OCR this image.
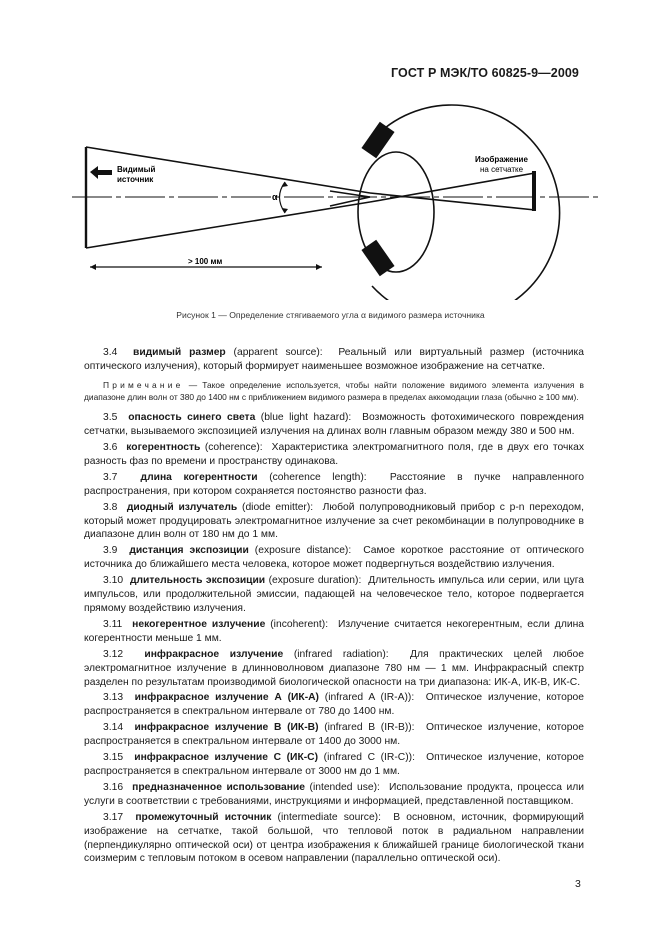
ГОСТ Р МЭК/ТО 60825-9—2009
Видимый
источник
Изображение
на сетчатке
α
> 100 мм
Рисунок 1 — Определение стягиваемого угла α видимого размера источника

3.4 видимый размер (apparent source): Реальный или виртуальный размер (источника оптического излучения), который формирует наименьшее возможное изображение на сетчатке.

Примечание — Такое определение используется, чтобы найти положение видимого элемента излучения в диапазоне длин волн от 380 до 1400 нм с приближением видимого размера в пределах аккомодации глаза (обычно ≥ 100 мм).

3.5 опасность синего света (blue light hazard): Возможность фотохимического повреждения сетчатки, вызываемого экспозицией излучения на длинах волн главным образом между 380 и 500 нм.

3.6 когерентность (coherence): Характеристика электромагнитного поля, где в двух его точках разность фаз по времени и пространству одинакова.

3.7 длина когерентности (coherence length): Расстояние в пучке направленного распространения, при котором сохраняется постоянство разности фаз.

3.8 диодный излучатель (diode emitter): Любой полупроводниковый прибор с p-n переходом, который может продуцировать электромагнитное излучение за счет рекомбинации в полупроводнике в диапазоне длин волн от 180 нм до 1 мм.

3.9 дистанция экспозиции (exposure distance): Самое короткое расстояние от оптического источника до ближайшего места человека, которое может подвергнуться воздействию излучения.

3.10 длительность экспозиции (exposure duration): Длительность импульса или серии, или цуга импульсов, или продолжительной эмиссии, падающей на человеческое тело, которое подвергается прямому воздействию излучения.

3.11 некогерентное излучение (incoherent): Излучение считается некогерентным, если длина когерентности меньше 1 мм.

3.12 инфракрасное излучение (infrared radiation): Для практических целей любое электромагнитное излучение в длинноволновом диапазоне 780 нм — 1 мм. Инфракрасный спектр разделен по результатам производимой биологической опасности на три диапазона: ИК-А, ИК-В, ИК-С.

3.13 инфракрасное излучение А (ИК-А) (infrared A (IR-A)): Оптическое излучение, которое распространяется в спектральном интервале от 780 до 1400 нм.

3.14 инфракрасное излучение В (ИК-В) (infrared B (IR-B)): Оптическое излучение, которое распространяется в спектральном интервале от 1400 до 3000 нм.

3.15 инфракрасное излучение С (ИК-С) (infrared C (IR-C)): Оптическое излучение, которое распространяется в спектральном интервале от 3000 нм до 1 мм.

3.16 предназначенное использование (intended use): Использование продукта, процесса или услуги в соответствии с требованиями, инструкциями и информацией, представленной поставщиком.

3.17 промежуточный источник (intermediate source): В основном, источник, формирующий изображение на сетчатке, такой большой, что тепловой поток в радиальном направлении (перпендикулярно оптической оси) от центра изображения к ближайшей границе биологической ткани соизмерим с тепловым потоком в осевом направлении (параллельно оптической оси).

3
